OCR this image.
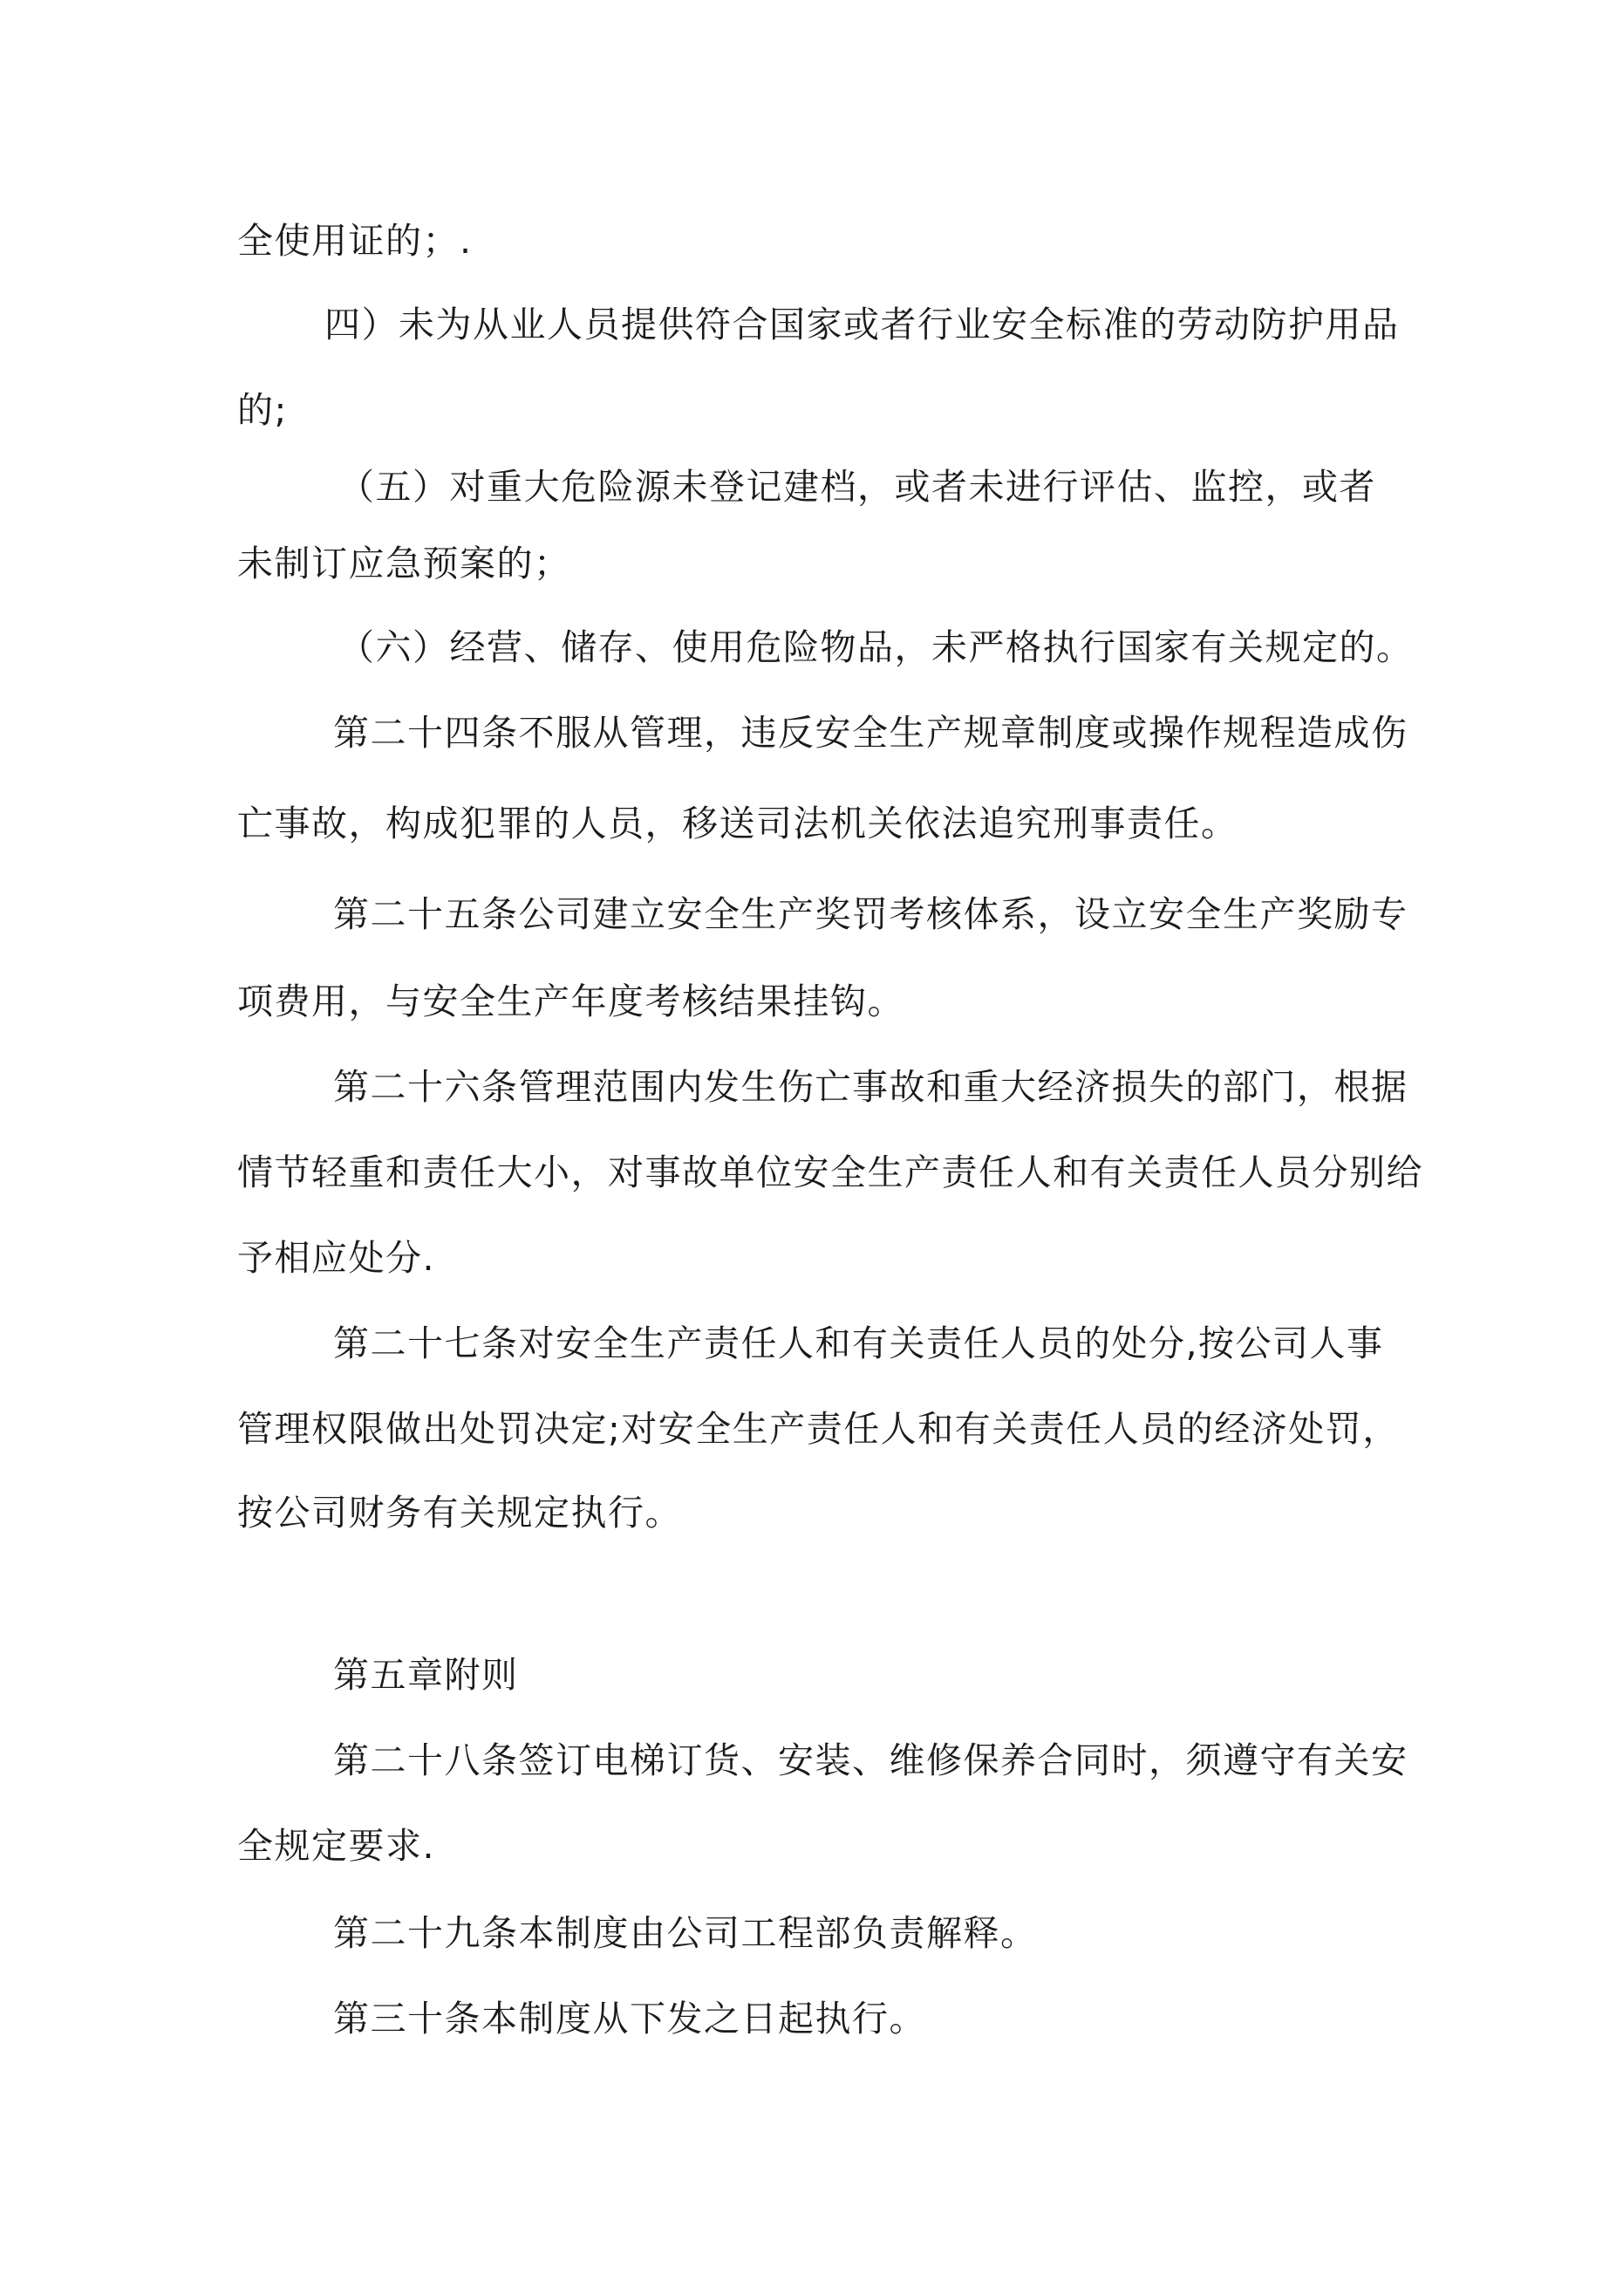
全使用证的；.
四）未为从业人员提供符合国家或者行业安全标准的劳动防护用品
的;
（五）对重大危险源未登记建档，或者未进行评估、监控，或者
未制订应急预案的；
（六）经营、储存、使用危险物品，未严格执行国家有关规定的。
第二十四条不服从管理，违反安全生产规章制度或操作规程造成伤
亡事故，构成犯罪的人员，移送司法机关依法追究刑事责任。
第二十五条公司建立安全生产奖罚考核体系，设立安全生产奖励专
项费用，与安全生产年度考核结果挂钩。
第二十六条管理范围内发生伤亡事故和重大经济损失的部门，根据
情节轻重和责任大小，对事故单位安全生产责任人和有关责任人员分别给
予相应处分.
第二十七条对安全生产责任人和有关责任人员的处分,按公司人事
管理权限做出处罚决定;对安全生产责任人和有关责任人员的经济处罚，
按公司财务有关规定执行。
第五章附则
第二十八条签订电梯订货、安装、维修保养合同时，须遵守有关安
全规定要求.
第二十九条本制度由公司工程部负责解释。
第三十条本制度从下发之日起执行。
